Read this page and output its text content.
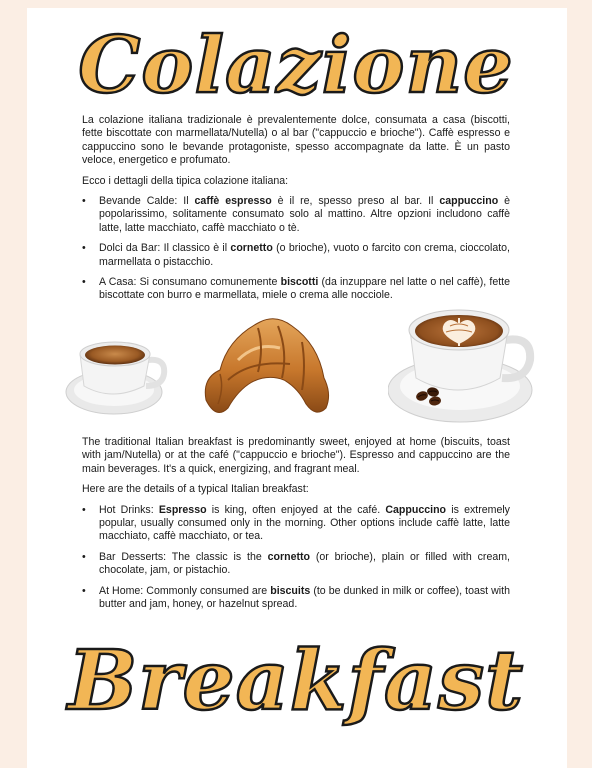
Colazione

La colazione italiana tradizionale è prevalentemente dolce, consumata a casa (biscotti, fette biscottate con marmellata/Nutella) o al bar ("cappuccio e brioche"). Caffè espresso e cappuccino sono le bevande protagoniste, spesso accompagnate da latte. È un pasto veloce, energetico e profumato.

Ecco i dettagli della tipica colazione italiana:

• Bevande Calde: Il caffè espresso è il re, spesso preso al bar. Il cappuccino è popolarissimo, solitamente consumato solo al mattino. Altre opzioni includono caffè latte, latte macchiato, caffè macchiato o tè.
• Dolci da Bar: Il classico è il cornetto (o brioche), vuoto o farcito con crema, cioccolato, marmellata o pistacchio.
• A Casa: Si consumano comunemente biscotti (da inzuppare nel latte o nel caffè), fette biscottate con burro e marmellata, miele o crema alle nocciole.

The traditional Italian breakfast is predominantly sweet, enjoyed at home (biscuits, toast with jam/Nutella) or at the café ("cappuccio e brioche"). Espresso and cappuccino are the main beverages. It's a quick, energizing, and fragrant meal.

Here are the details of a typical Italian breakfast:

• Hot Drinks: Espresso is king, often enjoyed at the café. Cappuccino is extremely popular, usually consumed only in the morning. Other options include caffè latte, latte macchiato, caffè macchiato, or tea.
• Bar Desserts: The classic is the cornetto (or brioche), plain or filled with cream, chocolate, jam, or pistachio.
• At Home: Commonly consumed are biscuits (to be dunked in milk or coffee), toast with butter and jam, honey, or hazelnut spread.
Breakfast
